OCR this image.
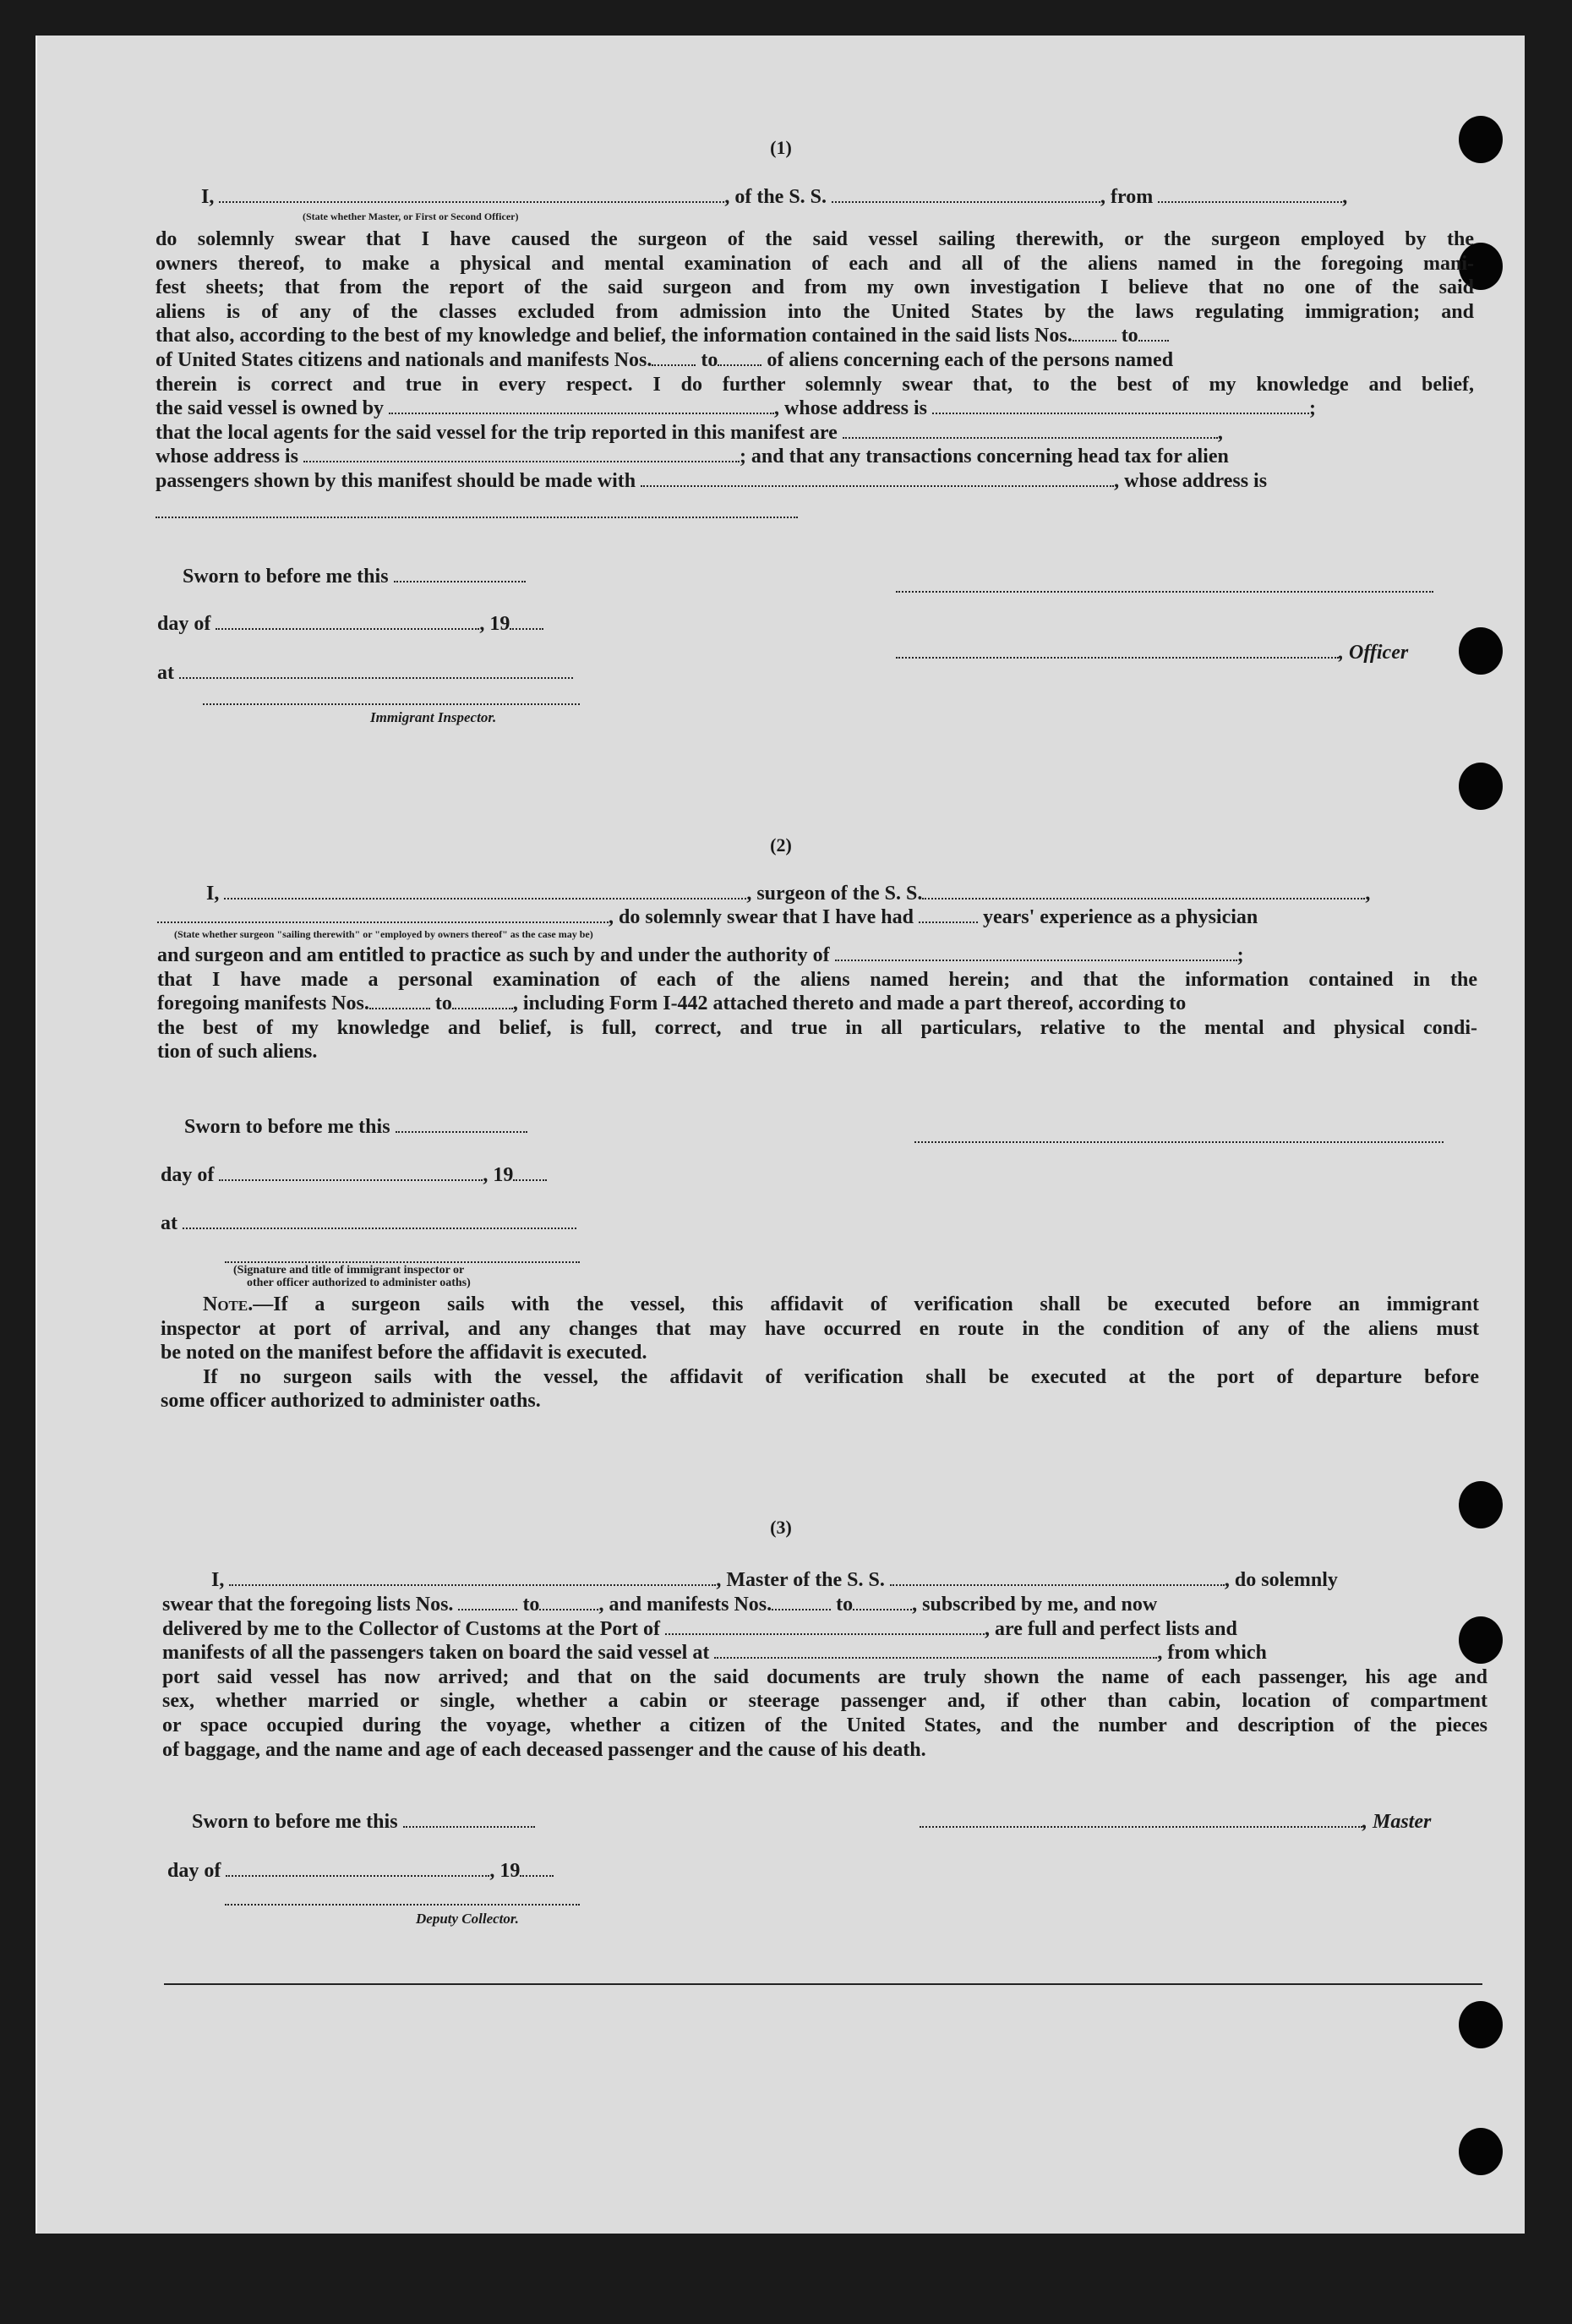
(1)
I,	, of the S. S.	, from	,
(State whether Master, or First or Second Officer)
do solemnly swear that I have caused the surgeon of the said vessel sailing therewith, or the surgeon employed by the
owners thereof, to make a physical and mental examination of each and all of the aliens named in the foregoing mani-
fest sheets; that from the report of the said surgeon and from my own investigation I believe that no one of the said
aliens is of any of the classes excluded from admission into the United States by the laws regulating immigration; and
that also, according to the best of my knowledge and belief, the information contained in the said lists Nos. to
of United States citizens and nationals and manifests Nos. to of aliens concerning each of the persons named
therein is correct and true in every respect. I do further solemnly swear that, to the best of my knowledge and belief,
the said vessel is owned by	, whose address is	;
that the local agents for the said vessel for the trip reported in this manifest are	,
whose address is	; and that any transactions concerning head tax for alien
passengers shown by this manifest should be made with	, whose address is
Sworn to before me this
day of	, 19
, Officer
at
Immigrant Inspector.
(2)
I,	, surgeon of the S. S.	,
, do solemnly swear that I have had	years' experience as a physician
(State whether surgeon "sailing therewith" or "employed by owners thereof" as the case may be)
and surgeon and am entitled to practice as such by and under the authority of	;
that I have made a personal examination of each of the aliens named herein; and that the information contained in the
foregoing manifests Nos.	to	, including Form I-442 attached thereto and made a part thereof, according to
the best of my knowledge and belief, is full, correct, and true in all particulars, relative to the mental and physical condi-
tion of such aliens.
Sworn to before me this
day of	, 19
at
(Signature and title of immigrant inspector or
other officer authorized to administer oaths)
Note.—If a surgeon sails with the vessel, this affidavit of verification shall be executed before an immigrant
inspector at port of arrival, and any changes that may have occurred en route in the condition of any of the aliens must
be noted on the manifest before the affidavit is executed.
If no surgeon sails with the vessel, the affidavit of verification shall be executed at the port of departure before
some officer authorized to administer oaths.
(3)
I,	, Master of the S. S.	, do solemnly
swear that the foregoing lists Nos.	to	, and manifests Nos.	to	, subscribed by me, and now
delivered by me to the Collector of Customs at the Port of	, are full and perfect lists and
manifests of all the passengers taken on board the said vessel at	, from which
port said vessel has now arrived; and that on the said documents are truly shown the name of each passenger, his age and
sex, whether married or single, whether a cabin or steerage passenger and, if other than cabin, location of compartment
or space occupied during the voyage, whether a citizen of the United States, and the number and description of the pieces
of baggage, and the name and age of each deceased passenger and the cause of his death.
Sworn to before me this	, Master
day of	, 19
Deputy Collector.
